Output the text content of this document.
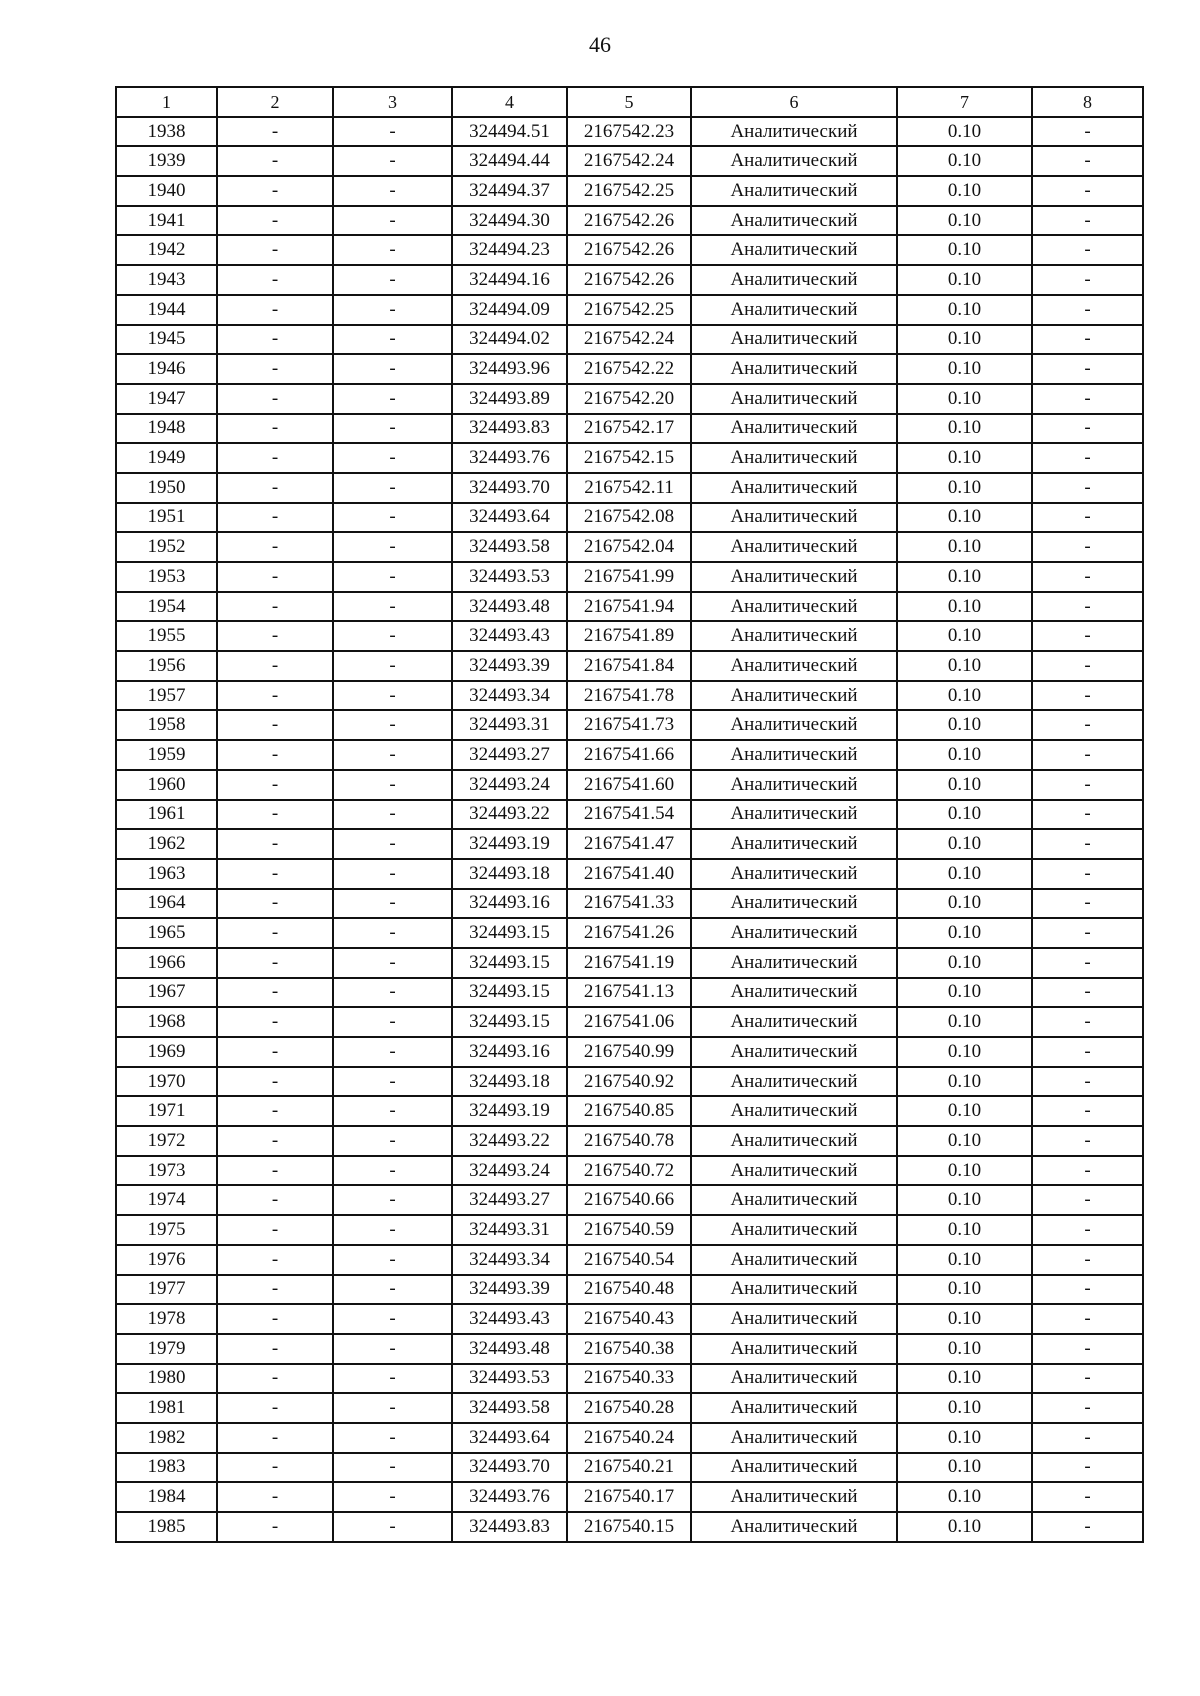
46
1	2	3	4	5	6	7	8
1938	-	-	324494.51	2167542.23	Аналитический	0.10	-
1939	-	-	324494.44	2167542.24	Аналитический	0.10	-
1940	-	-	324494.37	2167542.25	Аналитический	0.10	-
1941	-	-	324494.30	2167542.26	Аналитический	0.10	-
1942	-	-	324494.23	2167542.26	Аналитический	0.10	-
1943	-	-	324494.16	2167542.26	Аналитический	0.10	-
1944	-	-	324494.09	2167542.25	Аналитический	0.10	-
1945	-	-	324494.02	2167542.24	Аналитический	0.10	-
1946	-	-	324493.96	2167542.22	Аналитический	0.10	-
1947	-	-	324493.89	2167542.20	Аналитический	0.10	-
1948	-	-	324493.83	2167542.17	Аналитический	0.10	-
1949	-	-	324493.76	2167542.15	Аналитический	0.10	-
1950	-	-	324493.70	2167542.11	Аналитический	0.10	-
1951	-	-	324493.64	2167542.08	Аналитический	0.10	-
1952	-	-	324493.58	2167542.04	Аналитический	0.10	-
1953	-	-	324493.53	2167541.99	Аналитический	0.10	-
1954	-	-	324493.48	2167541.94	Аналитический	0.10	-
1955	-	-	324493.43	2167541.89	Аналитический	0.10	-
1956	-	-	324493.39	2167541.84	Аналитический	0.10	-
1957	-	-	324493.34	2167541.78	Аналитический	0.10	-
1958	-	-	324493.31	2167541.73	Аналитический	0.10	-
1959	-	-	324493.27	2167541.66	Аналитический	0.10	-
1960	-	-	324493.24	2167541.60	Аналитический	0.10	-
1961	-	-	324493.22	2167541.54	Аналитический	0.10	-
1962	-	-	324493.19	2167541.47	Аналитический	0.10	-
1963	-	-	324493.18	2167541.40	Аналитический	0.10	-
1964	-	-	324493.16	2167541.33	Аналитический	0.10	-
1965	-	-	324493.15	2167541.26	Аналитический	0.10	-
1966	-	-	324493.15	2167541.19	Аналитический	0.10	-
1967	-	-	324493.15	2167541.13	Аналитический	0.10	-
1968	-	-	324493.15	2167541.06	Аналитический	0.10	-
1969	-	-	324493.16	2167540.99	Аналитический	0.10	-
1970	-	-	324493.18	2167540.92	Аналитический	0.10	-
1971	-	-	324493.19	2167540.85	Аналитический	0.10	-
1972	-	-	324493.22	2167540.78	Аналитический	0.10	-
1973	-	-	324493.24	2167540.72	Аналитический	0.10	-
1974	-	-	324493.27	2167540.66	Аналитический	0.10	-
1975	-	-	324493.31	2167540.59	Аналитический	0.10	-
1976	-	-	324493.34	2167540.54	Аналитический	0.10	-
1977	-	-	324493.39	2167540.48	Аналитический	0.10	-
1978	-	-	324493.43	2167540.43	Аналитический	0.10	-
1979	-	-	324493.48	2167540.38	Аналитический	0.10	-
1980	-	-	324493.53	2167540.33	Аналитический	0.10	-
1981	-	-	324493.58	2167540.28	Аналитический	0.10	-
1982	-	-	324493.64	2167540.24	Аналитический	0.10	-
1983	-	-	324493.70	2167540.21	Аналитический	0.10	-
1984	-	-	324493.76	2167540.17	Аналитический	0.10	-
1985	-	-	324493.83	2167540.15	Аналитический	0.10	-
